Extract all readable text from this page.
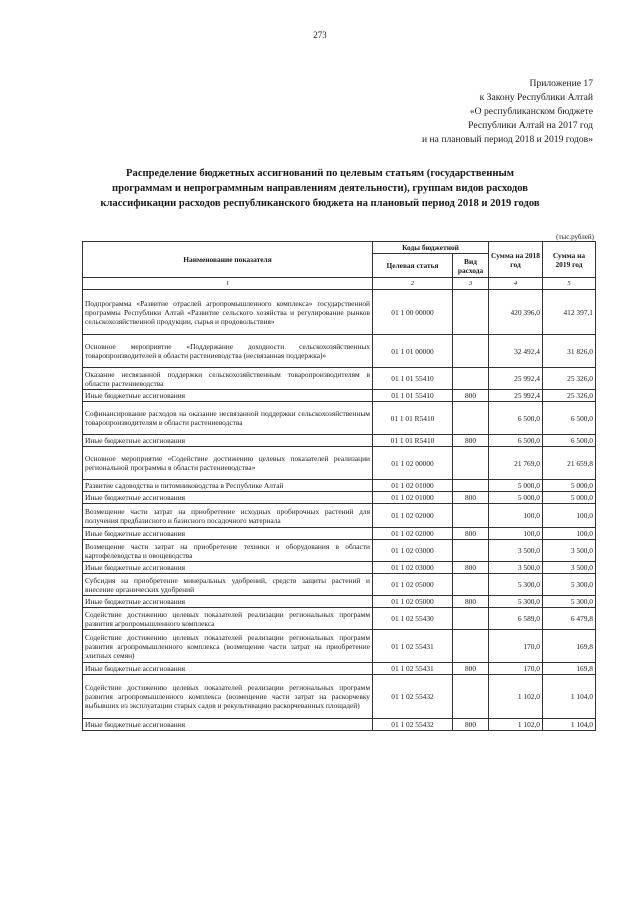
273
Приложение 17
к Закону Республики Алтай
«О республиканском бюджете
Республики Алтай на 2017 год
и на плановый период 2018 и 2019 годов»
Распределение бюджетных ассигнований по целевым статьям (государственным
программам и непрограммным направлениям деятельности), группам видов расходов
классификации расходов республиканского бюджета на плановый период 2018 и 2019 годов
(тыс.рублей)
Наименование показателя	Коды бюджетной		Сумма на 2018 год	Сумма на 2019 год
	Целевая статья	Вид расхода		
1	2	3	4	5
Подпрограмма «Развитие отраслей агропромышленного комплекса» государственной программы Республики Алтай «Развитие сельского хозяйства и регулирование рынков сельскохозяйственной продукции, сырья и продовольствия»	01 1 00 00000		420 396,0	412 397,1
Основное мероприятие «Поддержание доходности сельскохозяйственных товаропроизводителей в области растениеводства (несвязанная поддержка)»	01 1 01 00000		32 492,4	31 826,0
Оказание несвязанной поддержки сельскохозяйственным товаропроизводителям в области растениеводства	01 1 01 55410		25 992,4	25 326,0
Иные бюджетные ассигнования	01 1 01 55410	800	25 992,4	25 326,0
Софинансирование расходов на оказание несвязанной поддержки сельскохозяйственным товаропроизводителям в области растениеводства	01 1 01 R5410		6 500,0	6 500,0
Иные бюджетные ассигнования	01 1 01 R5410	800	6 500,0	6 500,0
Основное мероприятие «Содействие достижению целевых показателей реализации региональной программы в области растениеводства»	01 1 02 00000		21 769,0	21 659,8
Развитие садоводства и питомниководства в Республике Алтай	01 1 02 01000		5 000,0	5 000,0
Иные бюджетные ассигнования	01 1 02 01000	800	5 000,0	5 000,0
Возмещение части затрат на приобретение исходных пробирочных растений для получения предбазисного и базисного посадочного материала	01 1 02 02000		100,0	100,0
Иные бюджетные ассигнования	01 1 02 02000	800	100,0	100,0
Возмещение части затрат на приобретение техники и оборудования в области картофелеводства и овощеводства	01 1 02 03000		3 500,0	3 500,0
Иные бюджетные ассигнования	01 1 02 03000	800	3 500,0	3 500,0
Субсидия на приобретение минеральных удобрений, средств защиты растений и внесение органических удобрений	01 1 02 05000		5 300,0	5 300,0
Иные бюджетные ассигнования	01 1 02 05000	800	5 300,0	5 300,0
Содействие достижению целевых показателей реализации региональных программ развития агропромышленного комплекса	01 1 02 55430		6 589,0	6 479,8
Содействие достижению целевых показателей реализации региональных программ развития агропромышленного комплекса (возмещение части затрат на приобретение элитных семян)	01 1 02 55431		170,0	169,8
Иные бюджетные ассигнования	01 1 02 55431	800	170,0	169,8
Содействие достижению целевых показателей реализации региональных программ развития агропромышленного комплекса (возмещение части затрат на раскорчевку выбывших из эксплуатации старых садов и рекультивацию раскорчеванных площадей)	01 1 02 55432		1 102,0	1 104,0
Иные бюджетные ассигнования	01 1 02 55432	800	1 102,0	1 104,0
